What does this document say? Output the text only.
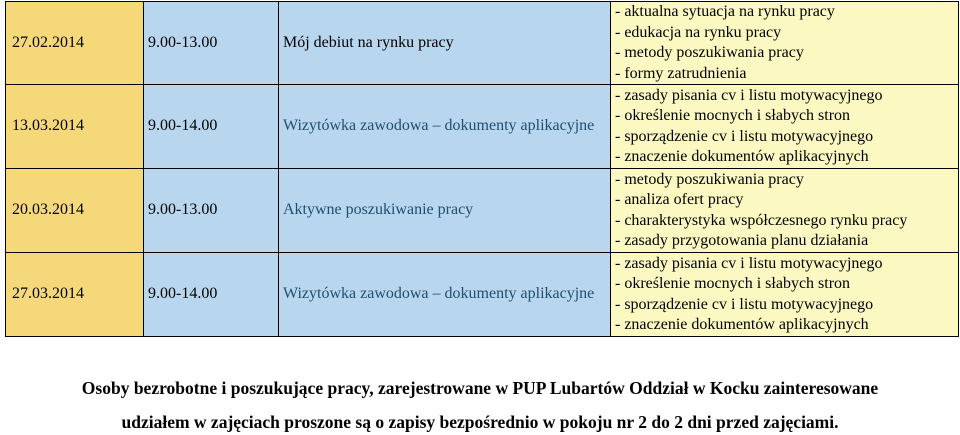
27.02.2014	9.00-13.00	Mój debiut na rynku pracy	- aktualna sytuacja na rynku pracy
- edukacja na rynku pracy
- metody poszukiwania pracy
- formy zatrudnienia

13.03.2014	9.00-14.00	Wizytówka zawodowa – dokumenty aplikacyjne	- zasady pisania cv i listu motywacyjnego
- określenie mocnych i słabych stron
- sporządzenie cv i listu motywacyjnego
- znaczenie dokumentów aplikacyjnych

20.03.2014	9.00-13.00	Aktywne poszukiwanie pracy	- metody poszukiwania pracy
- analiza ofert pracy
- charakterystyka współczesnego rynku pracy
- zasady przygotowania planu działania

27.03.2014	9.00-14.00	Wizytówka zawodowa – dokumenty aplikacyjne	- zasady pisania cv i listu motywacyjnego
- określenie mocnych i słabych stron
- sporządzenie cv i listu motywacyjnego
- znaczenie dokumentów aplikacyjnych
Osoby bezrobotne i poszukujące pracy, zarejestrowane w PUP Lubartów Oddział w Kocku zainteresowane
udziałem w zajęciach proszone są o zapisy bezpośrednio w pokoju nr 2 do 2 dni przed zajęciami.
